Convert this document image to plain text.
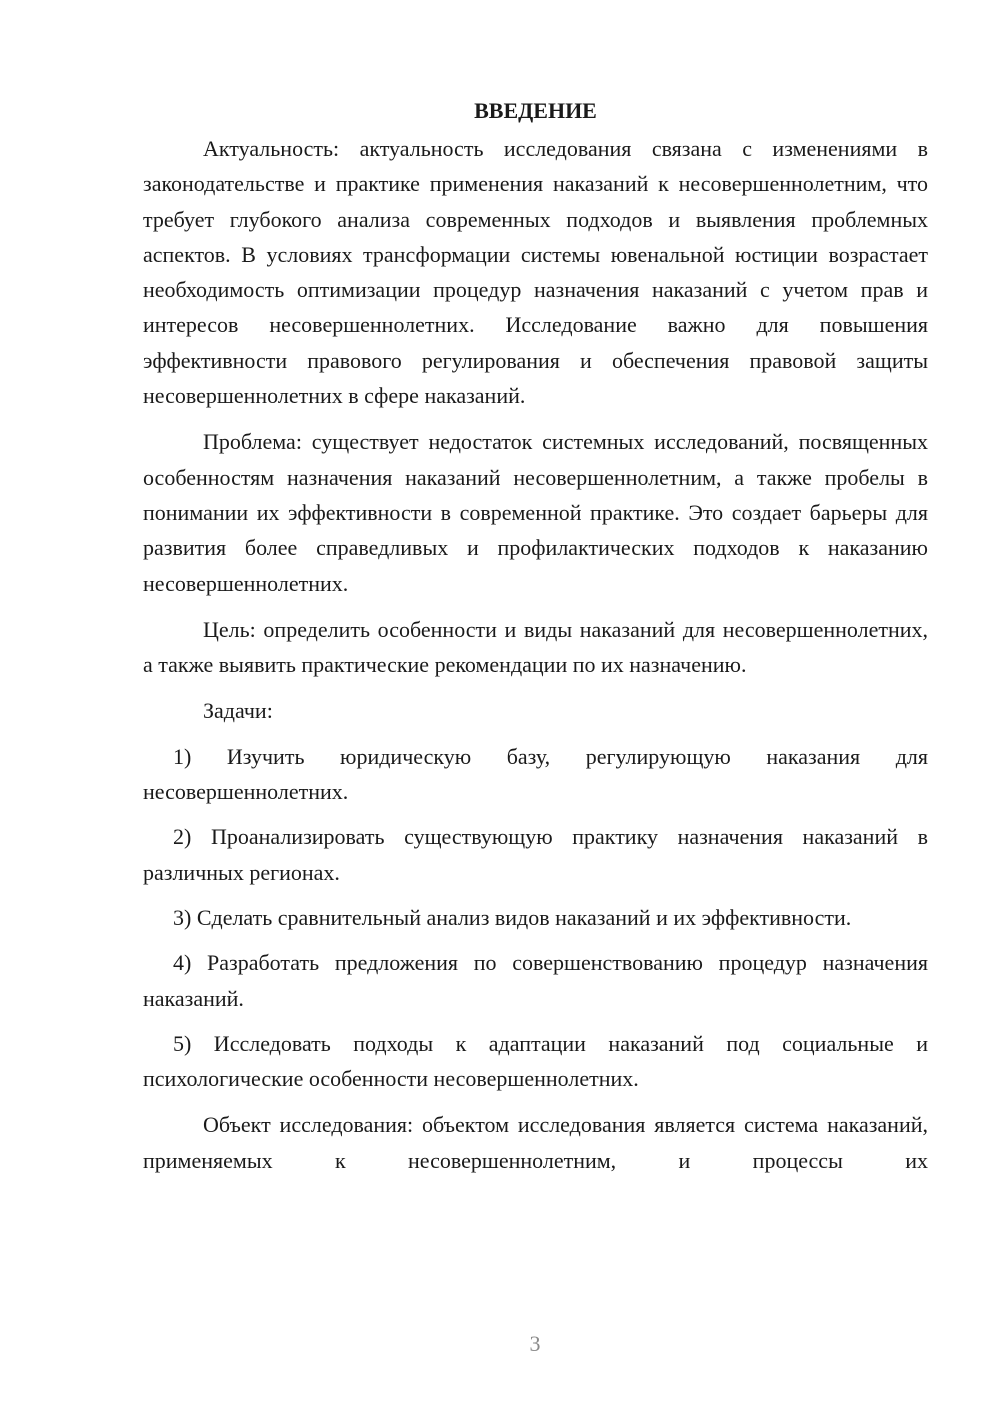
ВВЕДЕНИЕ

Актуальность: актуальность исследования связана с изменениями в законодательстве и практике применения наказаний к несовершеннолетним, что требует глубокого анализа современных подходов и выявления проблемных аспектов. В условиях трансформации системы ювенальной юстиции возрастает необходимость оптимизации процедур назначения наказаний с учетом прав и интересов несовершеннолетних. Исследование важно для повышения эффективности правового регулирования и обеспечения правовой защиты несовершеннолетних в сфере наказаний.

Проблема: существует недостаток системных исследований, посвященных особенностям назначения наказаний несовершеннолетним, а также пробелы в понимании их эффективности в современной практике. Это создает барьеры для развития более справедливых и профилактических подходов к наказанию несовершеннолетних.

Цель: определить особенности и виды наказаний для несовершеннолетних, а также выявить практические рекомендации по их назначению.

Задачи:

1) Изучить юридическую базу, регулирующую наказания для несовершеннолетних.

2) Проанализировать существующую практику назначения наказаний в различных регионах.

3) Сделать сравнительный анализ видов наказаний и их эффективности.

4) Разработать предложения по совершенствованию процедур назначения наказаний.

5) Исследовать подходы к адаптации наказаний под социальные и психологические особенности несовершеннолетних.

Объект исследования: объектом исследования является система наказаний, применяемых к несовершеннолетним, и процессы их

3
